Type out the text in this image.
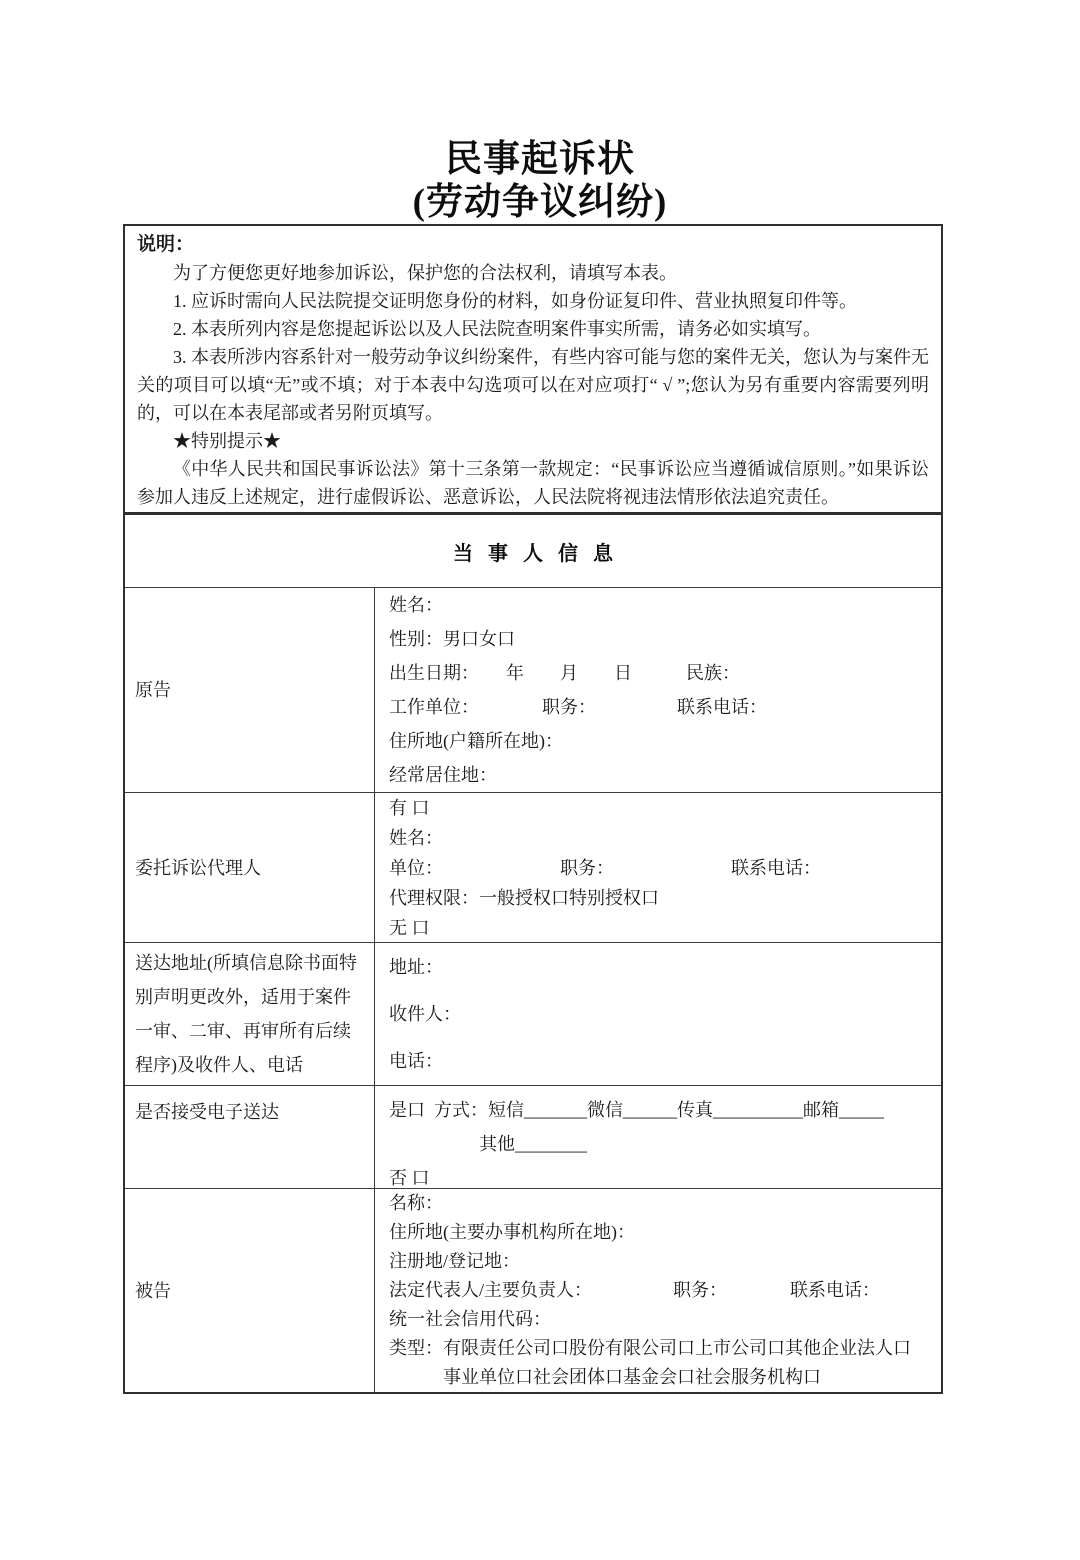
民事起诉状
(劳动争议纠纷)
说明：

为了方便您更好地参加诉讼，保护您的合法权利，请填写本表。

1. 应诉时需向人民法院提交证明您身份的材料，如身份证复印件、营业执照复印件等。

2. 本表所列内容是您提起诉讼以及人民法院查明案件事实所需，请务必如实填写。

3. 本表所涉内容系针对一般劳动争议纠纷案件，有些内容可能与您的案件无关，您认为与案件无关的项目可以填“无”或不填；对于本表中勾选项可以在对应项打“ √ ”;您认为另有重要内容需要列明的，可以在本表尾部或者另附页填写。

★特别提示★

《中华人民共和国民事诉讼法》第十三条第一款规定：“民事诉讼应当遵循诚信原则。”如果诉讼参加人违反上述规定，进行虚假诉讼、恶意诉讼，人民法院将视违法情形依法追究责任。

当事人信息
原告
姓名：
性别：男口女口
出生日期：　　年　　月　　日　　　民族：
工作单位：　　　　职务：　　　　　联系电话：
住所地(户籍所在地)：
经常居住地：
委托诉讼代理人
有 口
姓名：
单位：　　　　　　　职务：　　　　　　　联系电话：
代理权限：一般授权口特别授权口
无 口
送达地址(所填信息除书面特别声明更改外，适用于案件一审、二审、再审所有后续程序)及收件人、电话
地址：
收件人：
电话：
是否接受电子送达	是口  方式：短信_______微信______传真__________邮箱_____
　　　　　其他________
否 口
被告
名称：
住所地(主要办事机构所在地)：
注册地/登记地：
法定代表人/主要负责人：　　　　　职务：　　　　联系电话：
统一社会信用代码：
类型：有限责任公司口股份有限公司口上市公司口其他企业法人口
　　　事业单位口社会团体口基金会口社会服务机构口
